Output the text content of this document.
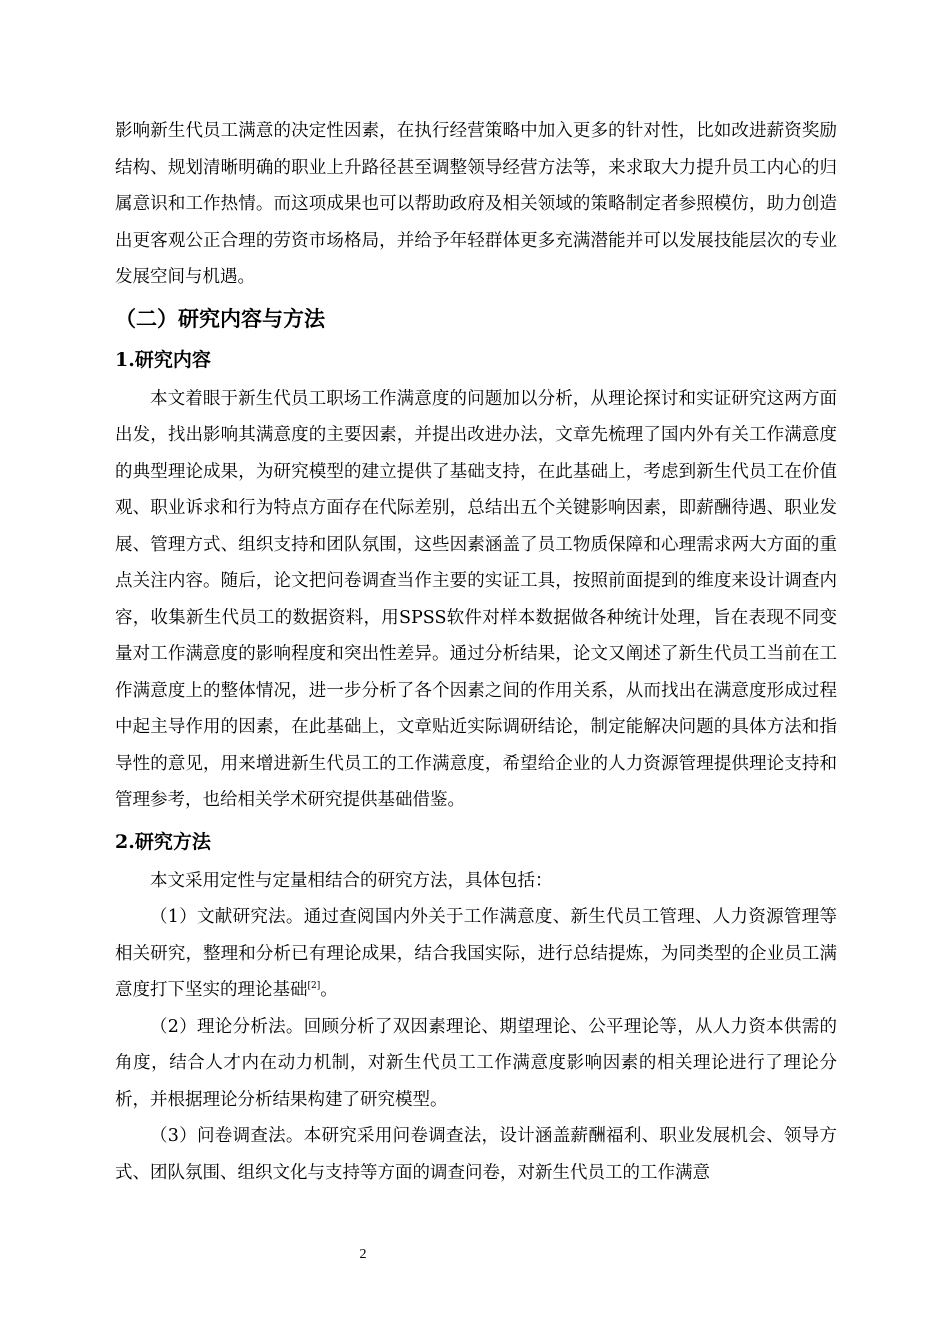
影响新生代员工满意的决定性因素，在执行经营策略中加入更多的针对性，比如改进薪资奖励结构、规划清晰明确的职业上升路径甚至调整领导经营方法等，来求取大力提升员工内心的归属意识和工作热情。而这项成果也可以帮助政府及相关领域的策略制定者参照模仿，助力创造出更客观公正合理的劳资市场格局，并给予年轻群体更多充满潜能并可以发展技能层次的专业发展空间与机遇。

（二）研究内容与方法
1.研究内容

本文着眼于新生代员工职场工作满意度的问题加以分析，从理论探讨和实证研究这两方面出发，找出影响其满意度的主要因素，并提出改进办法，文章先梳理了国内外有关工作满意度的典型理论成果，为研究模型的建立提供了基础支持，在此基础上，考虑到新生代员工在价值观、职业诉求和行为特点方面存在代际差别，总结出五个关键影响因素，即薪酬待遇、职业发展、管理方式、组织支持和团队氛围，这些因素涵盖了员工物质保障和心理需求两大方面的重点关注内容。随后，论文把问卷调查当作主要的实证工具，按照前面提到的维度来设计调查内容，收集新生代员工的数据资料，用SPSS软件对样本数据做各种统计处理，旨在表现不同变量对工作满意度的影响程度和突出性差异。通过分析结果，论文又阐述了新生代员工当前在工作满意度上的整体情况，进一步分析了各个因素之间的作用关系，从而找出在满意度形成过程中起主导作用的因素，在此基础上，文章贴近实际调研结论，制定能解决问题的具体方法和指导性的意见，用来增进新生代员工的工作满意度，希望给企业的人力资源管理提供理论支持和管理参考，也给相关学术研究提供基础借鉴。

2.研究方法

本文采用定性与定量相结合的研究方法，具体包括：

（1）文献研究法。通过查阅国内外关于工作满意度、新生代员工管理、人力资源管理等相关研究，整理和分析已有理论成果，结合我国实际，进行总结提炼，为同类型的企业员工满意度打下坚实的理论基础[2]。

（2）理论分析法。回顾分析了双因素理论、期望理论、公平理论等，从人力资本供需的角度，结合人才内在动力机制，对新生代员工工作满意度影响因素的相关理论进行了理论分析，并根据理论分析结果构建了研究模型。

（3）问卷调查法。本研究采用问卷调查法，设计涵盖薪酬福利、职业发展机会、领导方式、团队氛围、组织文化与支持等方面的调查问卷，对新生代员工的工作满意

2
